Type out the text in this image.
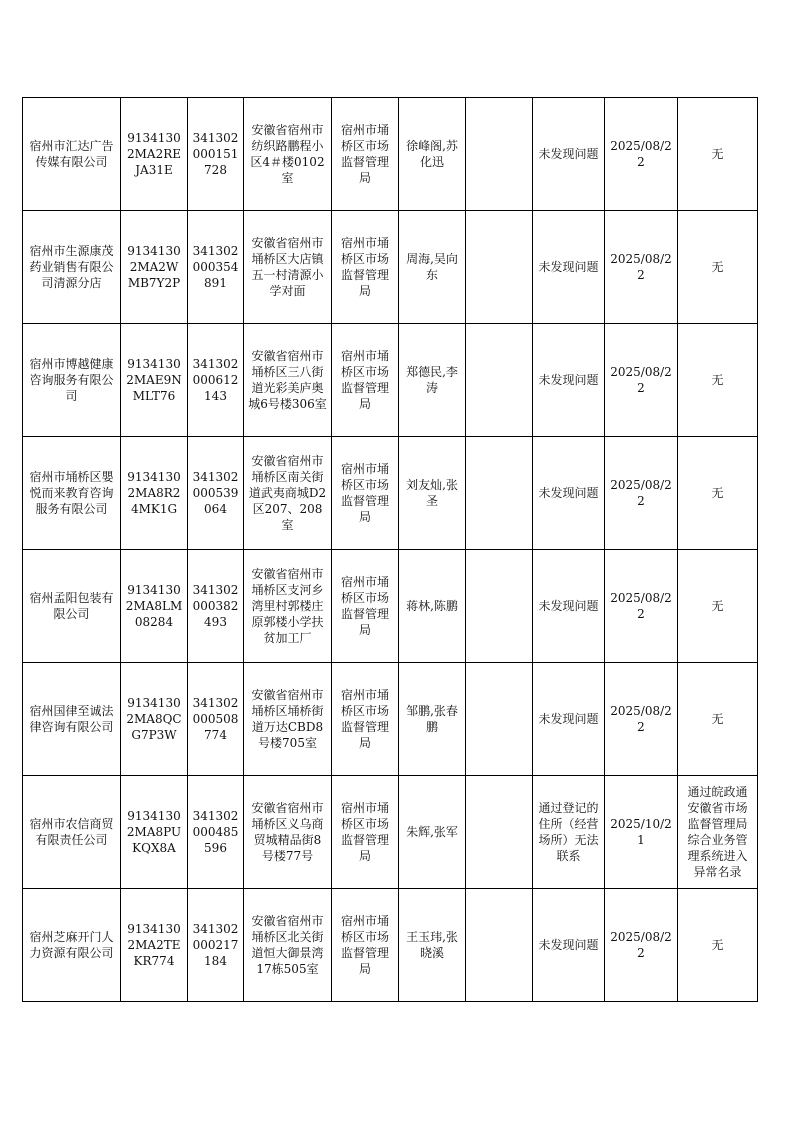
宿州市汇达广告传媒有限公司	91341302MA2REJA31E	341302000151728	安徽省宿州市纺织路鹏程小区4＃楼0102室	宿州市埇桥区市场监督管理局	徐峰阁,苏化迅		未发现问题	2025/08/22	无
宿州市生源康茂药业销售有限公司清源分店	91341302MA2WMB7Y2P	341302000354891	安徽省宿州市埇桥区大店镇五一村清源小学对面	宿州市埇桥区市场监督管理局	周海,吴向东		未发现问题	2025/08/22	无
宿州市博越健康咨询服务有限公司	91341302MAE9NMLT76	341302000612143	安徽省宿州市埇桥区三八街道光彩美庐奥城6号楼306室	宿州市埇桥区市场监督管理局	郑德民,李涛		未发现问题	2025/08/22	无
宿州市埇桥区嬰悦而来教育咨询服务有限公司	91341302MA8R24MK1G	341302000539064	安徽省宿州市埇桥区南关街道武夷商城D2区207、208室	宿州市埇桥区市场监督管理局	刘友灿,张圣		未发现问题	2025/08/22	无
宿州孟阳包装有限公司	91341302MA8LM08284	341302000382493	安徽省宿州市埇桥区支河乡湾里村郭楼庄原郭楼小学扶贫加工厂	宿州市埇桥区市场监督管理局	蒋林,陈鹏		未发现问题	2025/08/22	无
宿州国律至诚法律咨询有限公司	91341302MA8QCG7P3W	341302000508774	安徽省宿州市埇桥区埇桥街道万达CBD8号楼705室	宿州市埇桥区市场监督管理局	邹鹏,张春鹏		未发现问题	2025/08/22	无
宿州市农信商贸有限责任公司	91341302MA8PUKQX8A	341302000485596	安徽省宿州市埇桥区义乌商贸城精品街8号楼77号	宿州市埇桥区市场监督管理局	朱辉,张军		通过登记的住所（经营场所）无法联系	2025/10/21	通过皖政通安徽省市场监督管理局综合业务管理系统进入异常名录
宿州芝麻开门人力资源有限公司	91341302MA2TEKR774	341302000217184	安徽省宿州市埇桥区北关街道恒大御景湾17栋505室	宿州市埇桥区市场监督管理局	王玉玮,张晓溪		未发现问题	2025/08/22	无
